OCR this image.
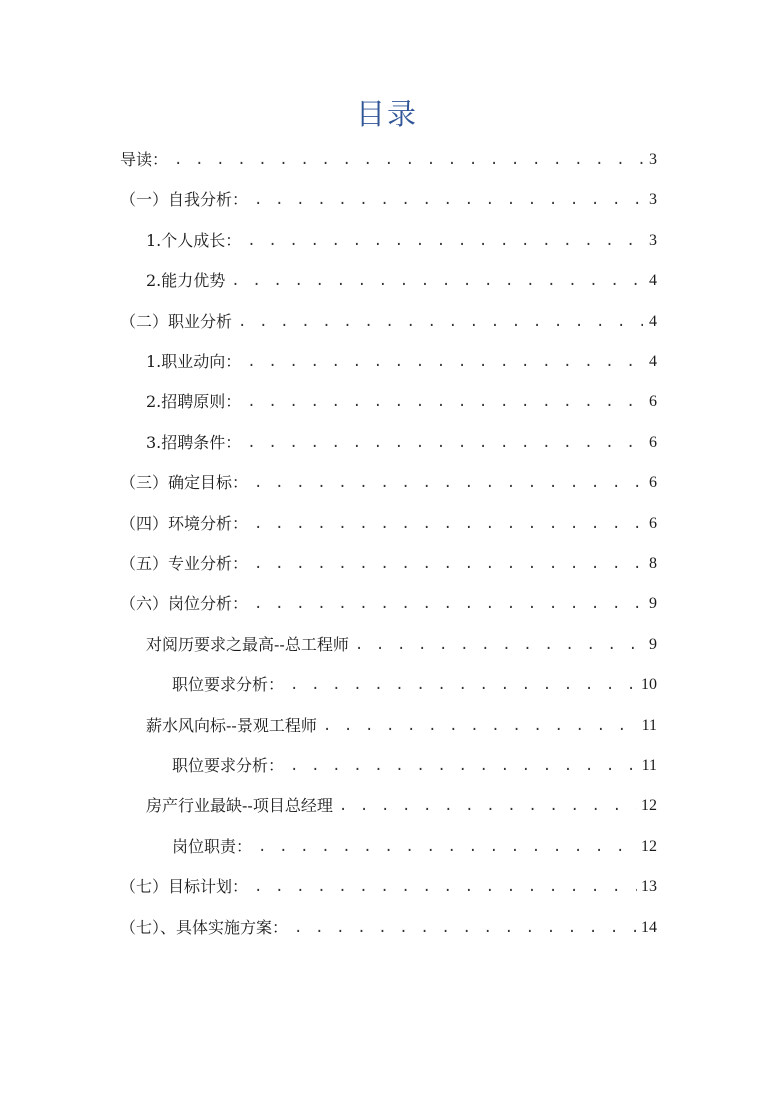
目录
导读： . . .	3
（一）自我分析： . . .	3
1.个人成长： . . .	3
2.能力优势 . . .	4
（二）职业分析 . . .	4
1.职业动向： . . .	4
2.招聘原则： . . .	6
3.招聘条件： . . .	6
（三）确定目标： . . .	6
（四）环境分析： . . .	6
（五）专业分析： . . .	8
（六）岗位分析： . . .	9
对阅历要求之最高--总工程师 . . .	9
职位要求分析： . . .	10
薪水风向标--景观工程师 . . .	11
职位要求分析： . . .	11
房产行业最缺--项目总经理 . . .	12
岗位职责： . . .	12
（七）目标计划： . . .	13
（七）、具体实施方案： . . .	14
